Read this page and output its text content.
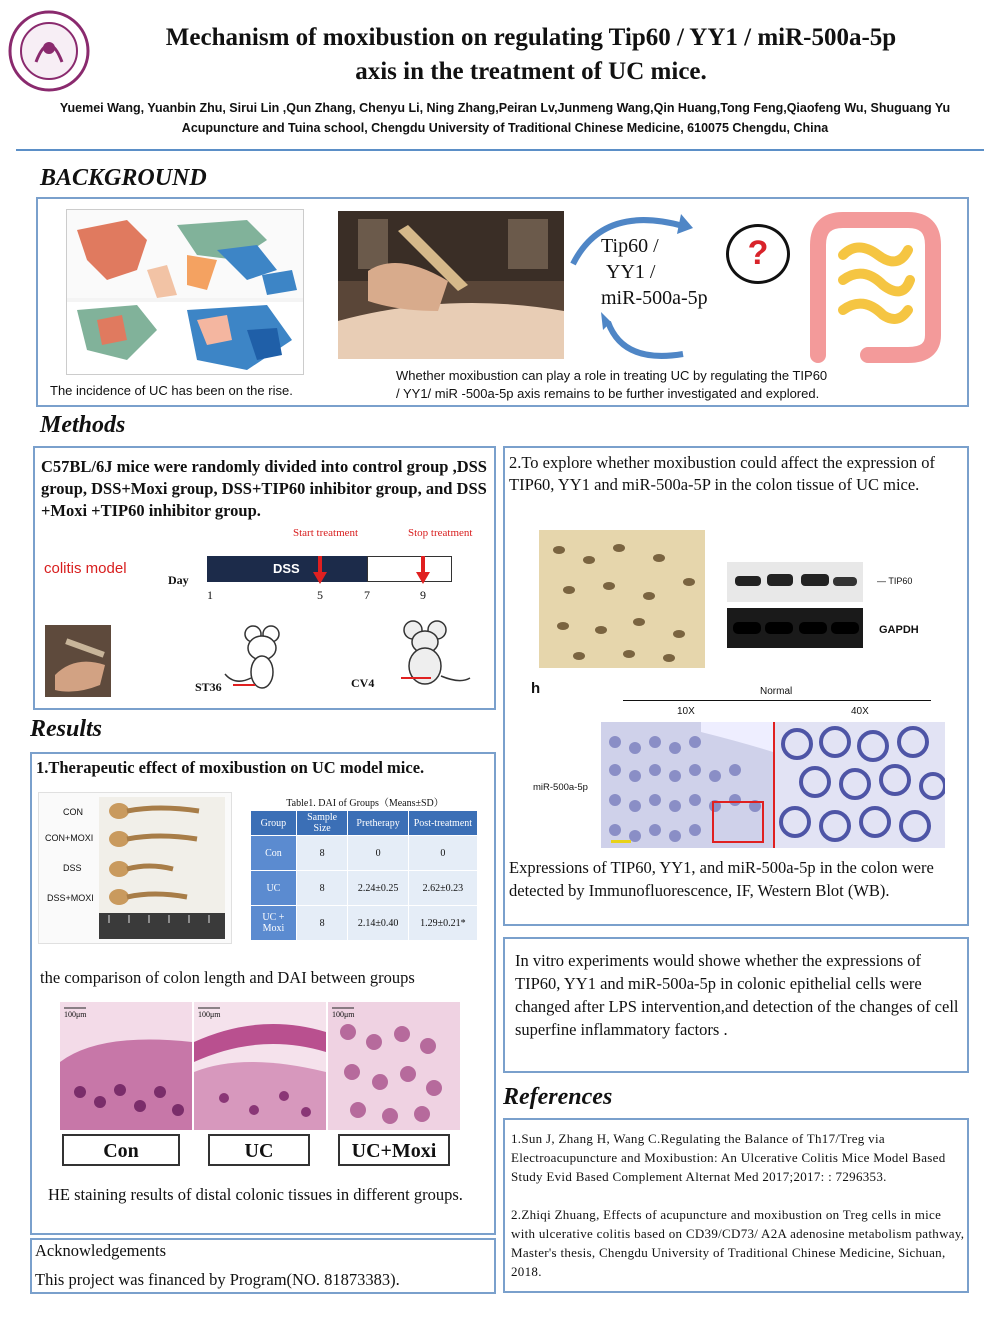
Mechanism of moxibustion on regulating Tip60 / YY1 / miR-500a-5p
axis in the treatment of UC mice.
Yuemei Wang, Yuanbin Zhu, Sirui Lin ,Qun Zhang, Chenyu Li, Ning Zhang,Peiran Lv,Junmeng Wang,Qin Huang,Tong Feng,Qiaofeng Wu, Shuguang Yu
Acupuncture and Tuina school, Chengdu University of Traditional Chinese Medicine, 610075 Chengdu, China
BACKGROUND
The incidence of UC has been on the rise.
Tip60 /
YY1 /
miR-500a-5p
?
Whether moxibustion can play a role in treating UC by regulating the TIP60
/ YY1/ miR -500a-5p axis remains to be further investigated and explored.
Methods
C57BL/6J mice were randomly divided into control group ,DSS group, DSS+Moxi group, DSS+TIP60 inhibitor group, and DSS +Moxi +TIP60 inhibitor group.
colitis model
Day
DSS
Start treatment	Stop treatment
1	5	7	9
ST36	CV4
Results
1.Therapeutic effect of moxibustion on UC model mice.
CON
CON+MOXI
DSS
DSS+MOXI
Table1. DAI of Groups（Means±SD）
Group	Sample Size	Pretherapy	Post-treatment
Con	8	0	0
UC	8	2.24±0.25	2.62±0.23
UC + Moxi	8	2.14±0.40	1.29±0.21*
the comparison of colon length and DAI between groups
100μm	100μm	100μm
Con	UC	UC+Moxi
HE staining results of distal colonic tissues in different groups.
Acknowledgements
This project was financed by Program(NO. 81873383).
2.To explore whether moxibustion could affect the expression of TIP60, YY1 and miR-500a-5P in the colon tissue of UC mice.
— TIP60
GAPDH
h	Normal
10X	40X
miR-500a-5p
Expressions of TIP60, YY1, and miR-500a-5p in the colon were detected by Immunofluorescence, IF, Western Blot (WB).
In vitro experiments would showe whether the expressions of TIP60, YY1 and miR-500a-5p in colonic epithelial cells were changed after LPS intervention,and detection of the changes of cell superfine inflammatory factors .
References
1.Sun J, Zhang H, Wang C.Regulating the Balance of Th17/Treg via Electroacupuncture and Moxibustion: An Ulcerative Colitis Mice Model Based Study Evid Based Complement Alternat Med 2017;2017: : 7296353.
2.Zhiqi Zhuang, Effects of acupuncture and moxibustion on Treg cells in mice with ulcerative colitis based on CD39/CD73/ A2A adenosine metabolism pathway, Master's thesis, Chengdu University of Traditional Chinese Medicine, Sichuan, 2018.
